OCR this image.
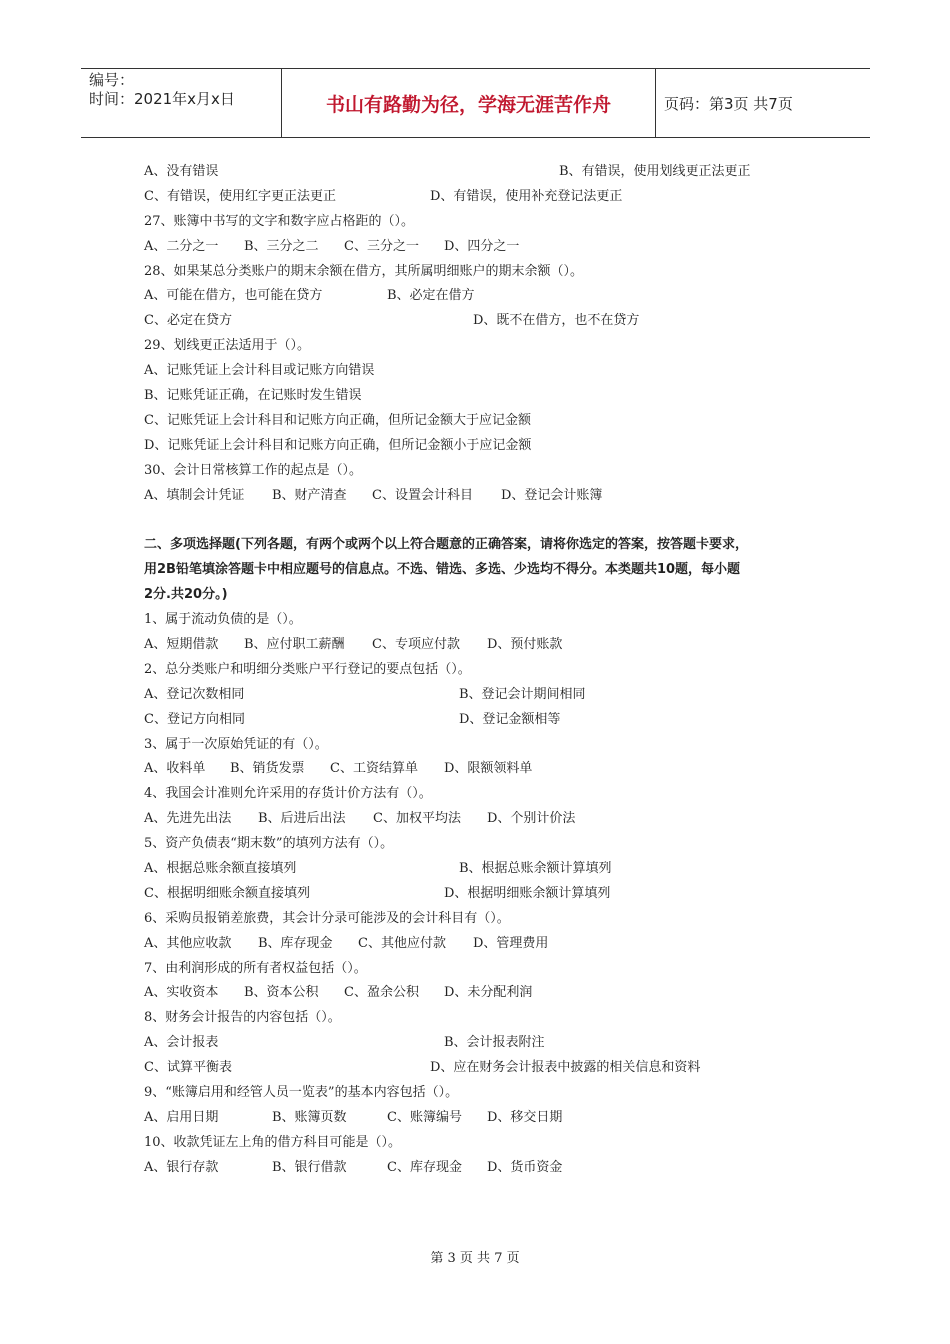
编号：
时间：2021年x月x日	书山有路勤为径，学海无涯苦作舟	页码：第3页 共7页
A、没有错误	B、有错误，使用划线更正法更正
C、有错误，使用红字更正法更正	D、有错误，使用补充登记法更正
27、账簿中书写的文字和数字应占格距的（）。
A、二分之一 B、三分之二 C、三分之一 D、四分之一
28、如果某总分类账户的期末余额在借方，其所属明细账户的期末余额（）。
A、可能在借方，也可能在贷方	B、必定在借方
C、必定在贷方	D、既不在借方，也不在贷方
29、划线更正法适用于（）。
A、记账凭证上会计科目或记账方向错误
B、记账凭证正确，在记账时发生错误
C、记账凭证上会计科目和记账方向正确，但所记金额大于应记金额
D、记账凭证上会计科目和记账方向正确，但所记金额小于应记金额
30、会计日常核算工作的起点是（）。
A、填制会计凭证 B、财产清查 C、设置会计科目 D、登记会计账簿
二、多项选择题(下列各题，有两个或两个以上符合题意的正确答案，请将你选定的答案，按答题卡要求，
用2B铅笔填涂答题卡中相应题号的信息点。不选、错选、多选、少选均不得分。本类题共10题，每小题
2分.共20分。)
1、属于流动负债的是（）。
A、短期借款 B、应付职工薪酬 C、专项应付款 D、预付账款
2、总分类账户和明细分类账户平行登记的要点包括（）。
A、登记次数相同	B、登记会计期间相同
C、登记方向相同	D、登记金额相等
3、属于一次原始凭证的有（）。
A、收料单 B、销货发票 C、工资结算单 D、限额领料单
4、我国会计准则允许采用的存货计价方法有（）。
A、先进先出法 B、后进后出法 C、加权平均法 D、个别计价法
5、资产负债表“期末数”的填列方法有（）。
A、根据总账余额直接填列	B、根据总账余额计算填列
C、根据明细账余额直接填列	D、根据明细账余额计算填列
6、采购员报销差旅费，其会计分录可能涉及的会计科目有（）。
A、其他应收款 B、库存现金 C、其他应付款 D、管理费用
7、由利润形成的所有者权益包括（）。
A、实收资本 B、资本公积 C、盈余公积 D、未分配利润
8、财务会计报告的内容包括（）。
A、会计报表	B、会计报表附注
C、试算平衡表	D、应在财务会计报表中披露的相关信息和资料
9、“账簿启用和经管人员一览表”的基本内容包括（）。
A、启用日期	B、账簿页数	C、账簿编号 D、移交日期
10、收款凭证左上角的借方科目可能是（）。
A、银行存款	B、银行借款	C、库存现金 D、货币资金
第 3 页 共 7 页
